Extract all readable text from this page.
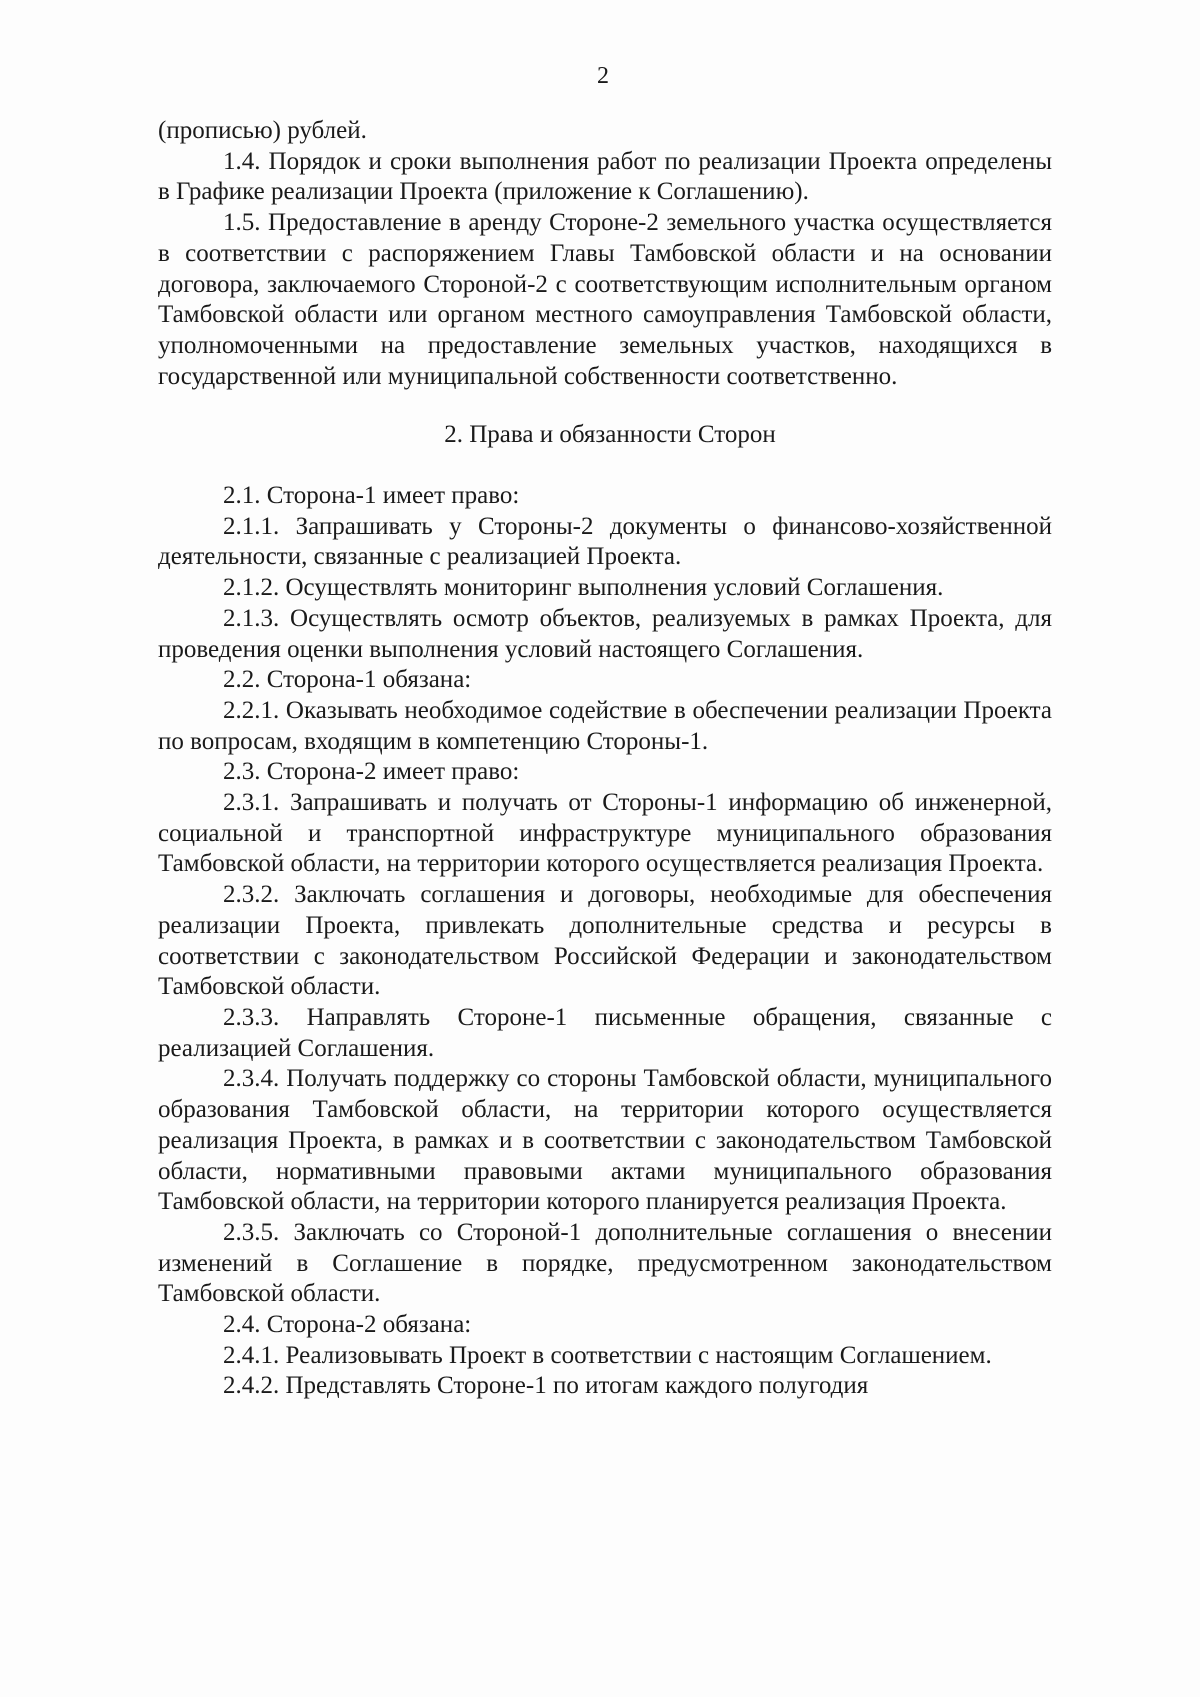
2

(прописью) рублей.

1.4. Порядок и сроки выполнения работ по реализации Проекта определены в Графике реализации Проекта (приложение к Соглашению).

1.5. Предоставление в аренду Стороне-2 земельного участка осуществляется в соответствии с распоряжением Главы Тамбовской области и на основании договора, заключаемого Стороной-2 с соответствующим исполнительным органом Тамбовской области или органом местного самоуправления Тамбовской области, уполномоченными на предоставление земельных участков, находящихся в государственной или муниципальной собственности соответственно.

2. Права и обязанности Сторон

2.1. Сторона-1 имеет право:

2.1.1. Запрашивать у Стороны-2 документы о финансово-хозяйственной деятельности, связанные с реализацией Проекта.

2.1.2. Осуществлять мониторинг выполнения условий Соглашения.

2.1.3. Осуществлять осмотр объектов, реализуемых в рамках Проекта, для проведения оценки выполнения условий настоящего Соглашения.

2.2. Сторона-1 обязана:

2.2.1. Оказывать необходимое содействие в обеспечении реализации Проекта по вопросам, входящим в компетенцию Стороны-1.

2.3. Сторона-2 имеет право:

2.3.1. Запрашивать и получать от Стороны-1 информацию об инженерной, социальной и транспортной инфраструктуре муниципального образования Тамбовской области, на территории которого осуществляется реализация Проекта.

2.3.2. Заключать соглашения и договоры, необходимые для обеспечения реализации Проекта, привлекать дополнительные средства и ресурсы в соответствии с законодательством Российской Федерации и законодательством Тамбовской области.

2.3.3. Направлять Стороне-1 письменные обращения, связанные с реализацией Соглашения.

2.3.4. Получать поддержку со стороны Тамбовской области, муниципального образования Тамбовской области, на территории которого осуществляется реализация Проекта, в рамках и в соответствии с законодательством Тамбовской области, нормативными правовыми актами муниципального образования Тамбовской области, на территории которого планируется реализация Проекта.

2.3.5. Заключать со Стороной-1 дополнительные соглашения о внесении изменений в Соглашение в порядке, предусмотренном законодательством Тамбовской области.

2.4. Сторона-2 обязана:

2.4.1. Реализовывать Проект в соответствии с настоящим Соглашением.

2.4.2. Представлять Стороне-1 по итогам каждого полугодия
